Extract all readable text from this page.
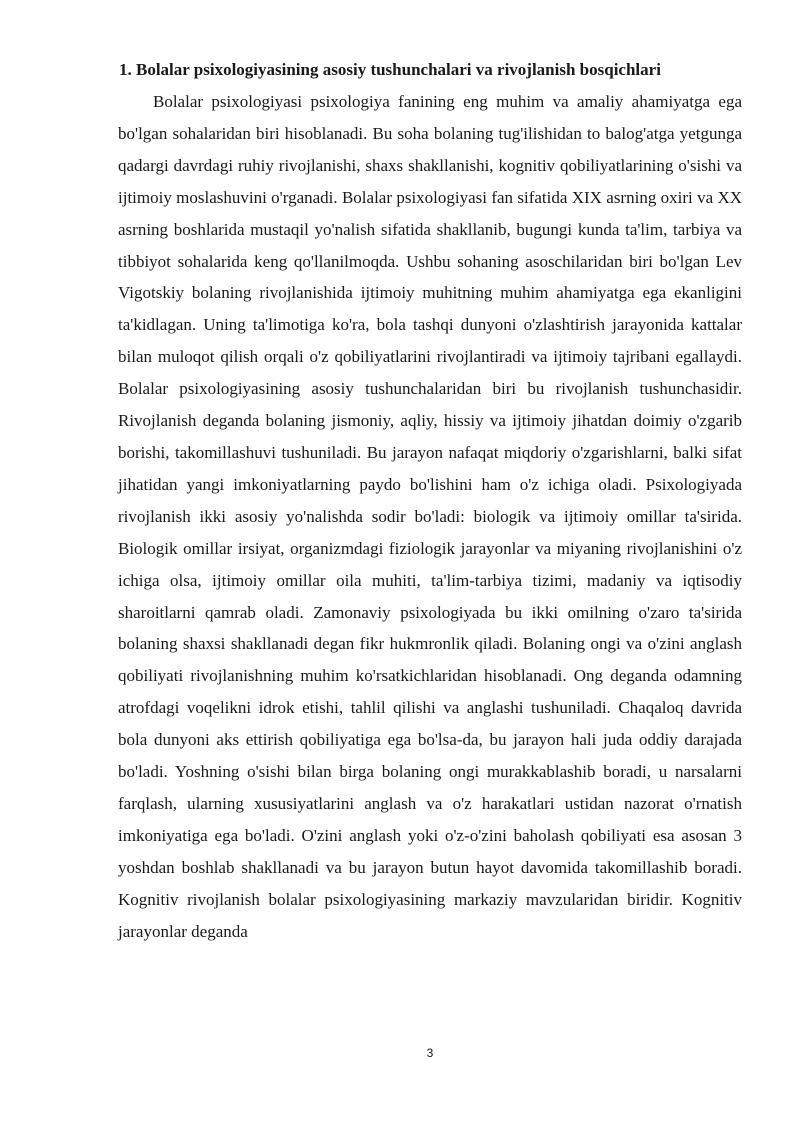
1. Bolalar psixologiyasining asosiy tushunchalari va rivojlanish bosqichlari

Bolalar psixologiyasi psixologiya fanining eng muhim va amaliy ahamiyatga ega bo'lgan sohalaridan biri hisoblanadi. Bu soha bolaning tug'ilishidan to balog'atga yetgunga qadargi davrdagi ruhiy rivojlanishi, shaxs shakllanishi, kognitiv qobiliyatlarining o'sishi va ijtimoiy moslashuvini o'rganadi. Bolalar psixologiyasi fan sifatida XIX asrning oxiri va XX asrning boshlarida mustaqil yo'nalish sifatida shakllanib, bugungi kunda ta'lim, tarbiya va tibbiyot sohalarida keng qo'llanilmoqda. Ushbu sohaning asoschilaridan biri bo'lgan Lev Vigotskiy bolaning rivojlanishida ijtimoiy muhitning muhim ahamiyatga ega ekanligini ta'kidlagan. Uning ta'limotiga ko'ra, bola tashqi dunyoni o'zlashtirish jarayonida kattalar bilan muloqot qilish orqali o'z qobiliyatlarini rivojlantiradi va ijtimoiy tajribani egallaydi. Bolalar psixologiyasining asosiy tushunchalaridan biri bu rivojlanish tushunchasidir. Rivojlanish deganda bolaning jismoniy, aqliy, hissiy va ijtimoiy jihatdan doimiy o'zgarib borishi, takomillashuvi tushuniladi. Bu jarayon nafaqat miqdoriy o'zgarishlarni, balki sifat jihatidan yangi imkoniyatlarning paydo bo'lishini ham o'z ichiga oladi. Psixologiyada rivojlanish ikki asosiy yo'nalishda sodir bo'ladi: biologik va ijtimoiy omillar ta'sirida. Biologik omillar irsiyat, organizmdagi fiziologik jarayonlar va miyaning rivojlanishini o'z ichiga olsa, ijtimoiy omillar oila muhiti, ta'lim-tarbiya tizimi, madaniy va iqtisodiy sharoitlarni qamrab oladi. Zamonaviy psixologiyada bu ikki omilning o'zaro ta'sirida bolaning shaxsi shakllanadi degan fikr hukmronlik qiladi. Bolaning ongi va o'zini anglash qobiliyati rivojlanishning muhim ko'rsatkichlaridan hisoblanadi. Ong deganda odamning atrofdagi voqelikni idrok etishi, tahlil qilishi va anglashi tushuniladi. Chaqaloq davrida bola dunyoni aks ettirish qobiliyatiga ega bo'lsa-da, bu jarayon hali juda oddiy darajada bo'ladi. Yoshning o'sishi bilan birga bolaning ongi murakkablashib boradi, u narsalarni farqlash, ularning xususiyatlarini anglash va o'z harakatlari ustidan nazorat o'rnatish imkoniyatiga ega bo'ladi. O'zini anglash yoki o'z-o'zini baholash qobiliyati esa asosan 3 yoshdan boshlab shakllanadi va bu jarayon butun hayot davomida takomillashib boradi. Kognitiv rivojlanish bolalar psixologiyasining markaziy mavzularidan biridir. Kognitiv jarayonlar deganda

3
